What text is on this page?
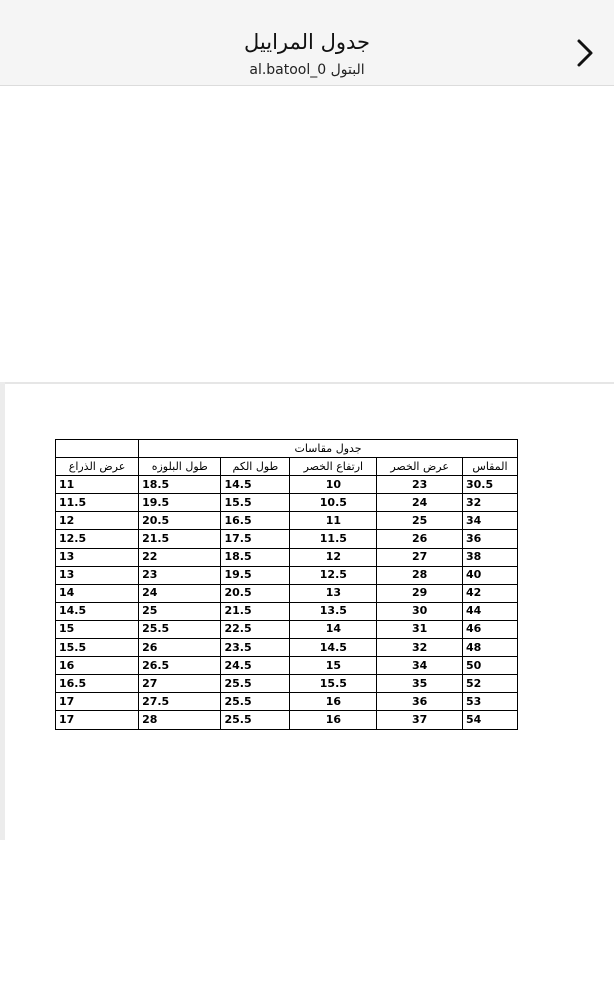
جدول المراييل
al.batool_0 البتول
جدول مقاسات					
المقاس	عرض الخصر	ارتفاع الخصر	طول الكم	طول البلوزه	عرض الذراع
30.5	23	10	14.5	18.5	11
32	24	10.5	15.5	19.5	11.5
34	25	11	16.5	20.5	12
36	26	11.5	17.5	21.5	12.5
38	27	12	18.5	22	13
40	28	12.5	19.5	23	13
42	29	13	20.5	24	14
44	30	13.5	21.5	25	14.5
46	31	14	22.5	25.5	15
48	32	14.5	23.5	26	15.5
50	34	15	24.5	26.5	16
52	35	15.5	25.5	27	16.5
53	36	16	25.5	27.5	17
54	37	16	25.5	28	17
